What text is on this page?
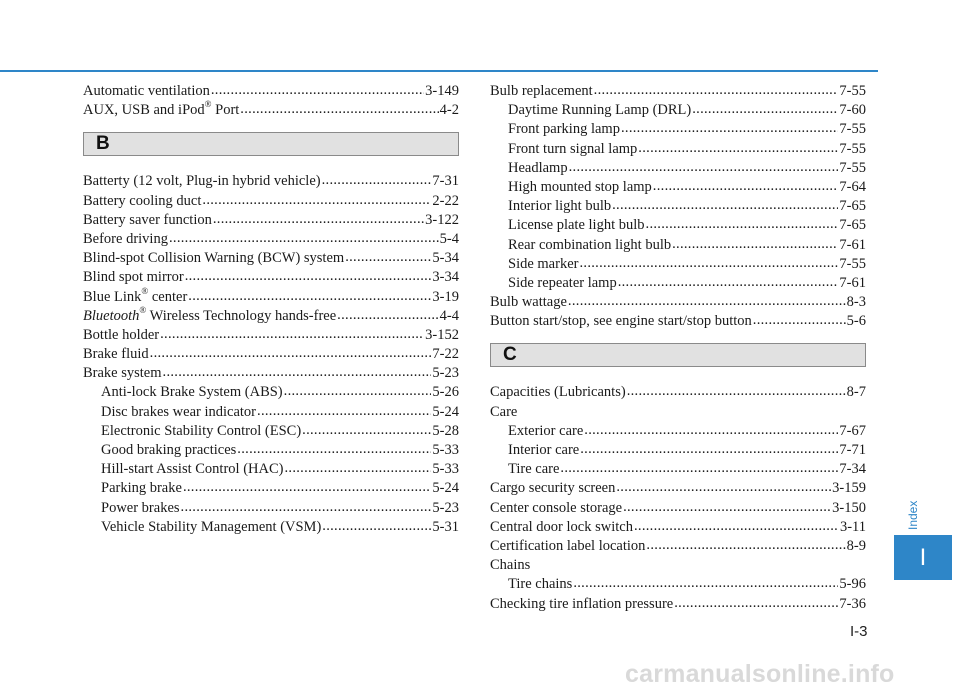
Automatic ventilation .....	3-149
AUX, USB and iPod® Port .....	4-2
B
Batterty (12 volt, Plug-in hybrid vehicle) .....	7-31
Battery cooling duct .....	2-22
Battery saver function .....	3-122
Before driving .....	5-4
Blind-spot Collision Warning (BCW) system .....	5-34
Blind spot mirror .....	3-34
Blue Link® center .....	3-19
Bluetooth® Wireless Technology hands-free .....	4-4
Bottle holder .....	3-152
Brake fluid .....	7-22
Brake system .....	5-23
Anti-lock Brake System (ABS) .....	5-26
Disc brakes wear indicator .....	5-24
Electronic Stability Control (ESC) .....	5-28
Good braking practices .....	5-33
Hill-start Assist Control (HAC) .....	5-33
Parking brake .....	5-24
Power brakes .....	5-23
Vehicle Stability Management (VSM) .....	5-31
Bulb replacement .....	7-55
Daytime Running Lamp (DRL) .....	7-60
Front parking lamp .....	7-55
Front turn signal lamp .....	7-55
Headlamp .....	7-55
High mounted stop lamp .....	7-64
Interior light bulb .....	7-65
License plate light bulb .....	7-65
Rear combination light bulb .....	7-61
Side marker .....	7-55
Side repeater lamp .....	7-61
Bulb wattage .....	8-3
Button start/stop, see engine start/stop button .....	5-6
C
Capacities (Lubricants) .....	8-7
Care
Exterior care .....	7-67
Interior care .....	7-71
Tire care .....	7-34
Cargo security screen .....	3-159
Center console storage .....	3-150
Central door lock switch .....	3-11
Certification label location .....	8-9
Chains
Tire chains .....	5-96
Checking tire inflation pressure .....	7-36
Index
I
I-3
carmanualsonline.info
